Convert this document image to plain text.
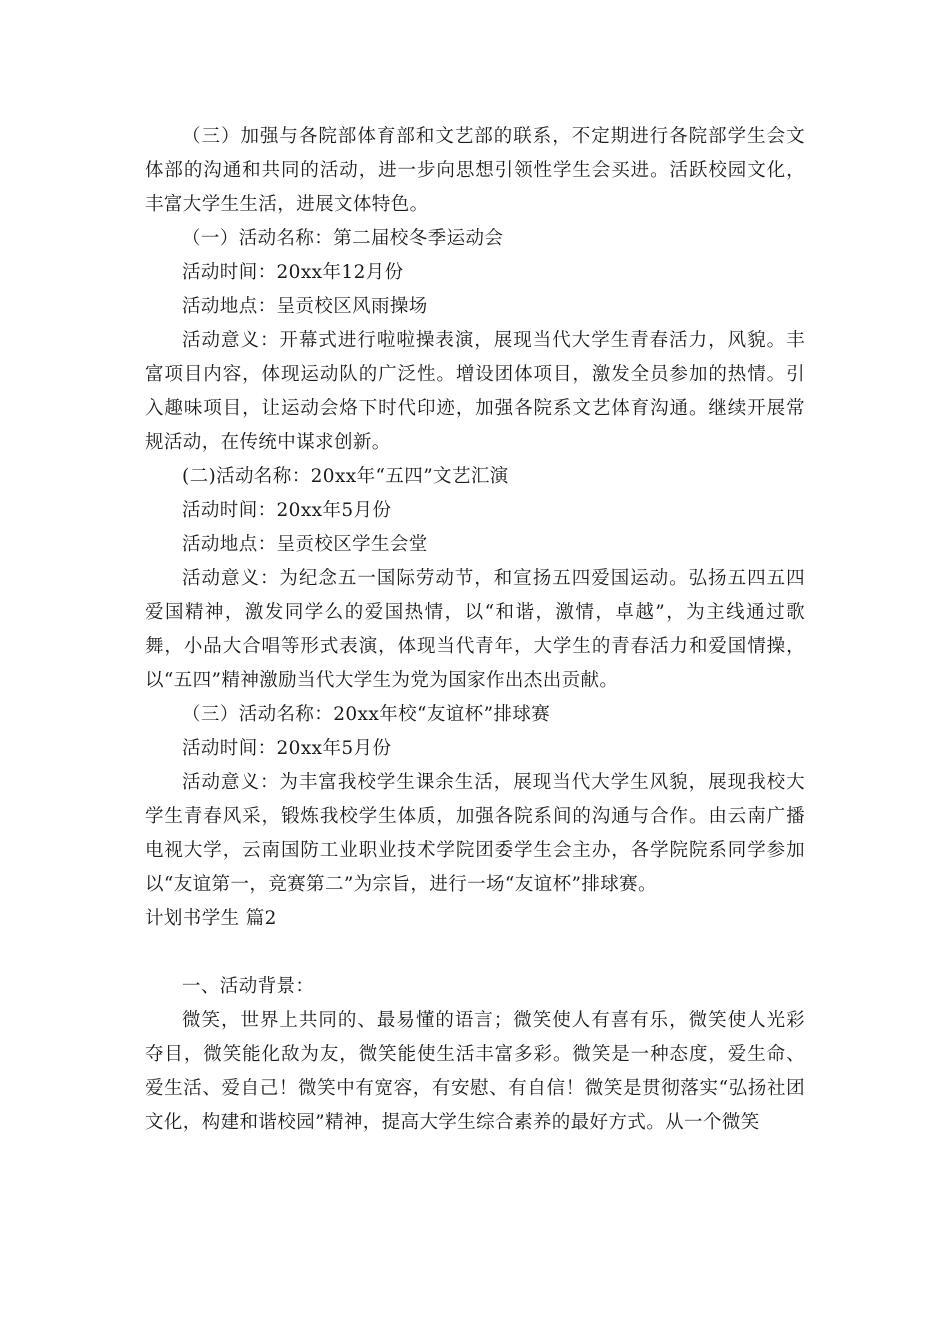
（三）加强与各院部体育部和文艺部的联系，不定期进行各院部学生会文体部的沟通和共同的活动，进一步向思想引领性学生会买进。活跃校园文化，丰富大学生生活，进展文体特色。

（一）活动名称：第二届校冬季运动会

活动时间：20xx年12月份

活动地点：呈贡校区风雨操场

活动意义：开幕式进行啦啦操表演，展现当代大学生青春活力，风貌。丰富项目内容，体现运动队的广泛性。增设团体项目，激发全员参加的热情。引入趣味项目，让运动会烙下时代印迹，加强各院系文艺体育沟通。继续开展常规活动，在传统中谋求创新。

(二)活动名称：20xx年“五四”文艺汇演

活动时间：20xx年5月份

活动地点：呈贡校区学生会堂

活动意义：为纪念五一国际劳动节，和宣扬五四爱国运动。弘扬五四五四爱国精神，激发同学么的爱国热情，以“和谐，激情，卓越”，为主线通过歌舞，小品大合唱等形式表演，体现当代青年，大学生的青春活力和爱国情操，以“五四”精神激励当代大学生为党为国家作出杰出贡献。

（三）活动名称：20xx年校“友谊杯”排球赛

活动时间：20xx年5月份

活动意义：为丰富我校学生课余生活，展现当代大学生风貌，展现我校大学生青春风采，锻炼我校学生体质，加强各院系间的沟通与合作。由云南广播电视大学，云南国防工业职业技术学院团委学生会主办，各学院院系同学参加以“友谊第一，竞赛第二”为宗旨，进行一场“友谊杯”排球赛。

计划书学生 篇2

一、活动背景：

微笑，世界上共同的、最易懂的语言；微笑使人有喜有乐，微笑使人光彩夺目，微笑能化敌为友，微笑能使生活丰富多彩。微笑是一种态度，爱生命、爱生活、爱自己！微笑中有宽容，有安慰、有自信！微笑是贯彻落实“弘扬社团文化，构建和谐校园”精神，提高大学生综合素养的最好方式。从一个微笑
